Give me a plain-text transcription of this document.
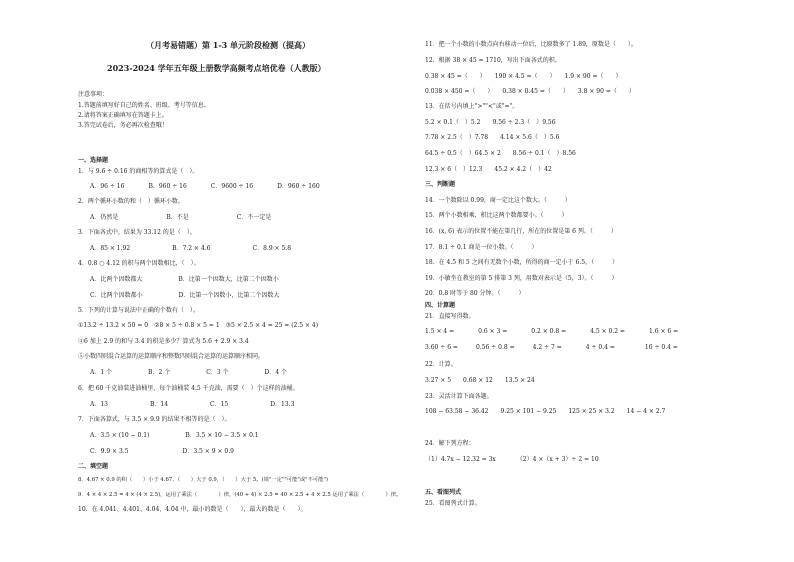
（月考易错题）第 1-3 单元阶段检测（提高）
2023-2024 学年五年级上册数学高频考点培优卷（人教版）
注意事项：
1.答题前填写好自己的姓名、班级、考号等信息。
2.请将答案正确填写在答题卡上。
3.答完试卷后，务必再次检查哦！
一、选择题
1．与 9.6 ÷ 0.16 的商相等的算式是（　）。
A．96 ÷ 16　　　　B．960 ÷ 16　　　　C．9600 ÷ 16　　　　D．960 ÷ 160
2．两个循环小数的和（　）循环小数。
A．仍然是　　　　　　　　B．不是　　　　　　　　C．不一定是
3．下面各式中，结果为 33.12 的是（　）。
A．85 × 1.92　　　　　　　B．7.2 × 4.6　　　　　　　C．8.9 × 5.8
4．0.8 ○ 4.12 的积与两个因数相比，（　）。
A．比两个因数都大　　　　　　B．比第一个因数大，比第二个因数小
C．比两个因数都小　　　　　　D．比第一个因数小，比第二个因数大
5．下列的计算与说法中正确的个数有（　）。
①13.2 ÷ 13.2 × 50 = 0　②8 × 5 ÷ 0.8 × 5 = 1　③5 × 2.5 × 4 = 25 = (2.5 × 4)
④6 加上 2.9 的和与 3.4 的积是多少？算式为 5.6 + 2.9 × 3.4
⑤小数四则混合运算的运算顺序和整数四则混合运算的运算顺序相同。
A．1 个　　　　　　B．2 个　　　　　　C．3 个　　　　　　D．4 个
6．把 60 千克油装进油桶里，每个油桶装 4.5 千克油，需要（　）个这样的油桶。
A．13　　　　　　　B．14　　　　　　　C．15　　　　　　　D．13.3
7．下面各算式，与 3.5 × 9.9 的结果不相等的是（　）。
A．3.5 × (10 − 0.1)　　　　　　B．3.5 × 10 − 3.5 × 0.1
C．9.9 × 3.5　　　　　　　　　D．3.5 × 9 × 0.9
二、填空题
8．4.67 × 0.9 的积（　　）小于 4.67，（　　）大于 0.9，（　　）大于 5。(填"一定""可能"或"不可能")
9．4 × 4 × 2.5 = 4 × (4 × 2.5)，运用了乘法（　　　　）律，(40 + 4) × 2.5 = 40 × 2.5 + 4 × 2.5 运用了乘法（　　　　）律。
10．在 4.041、4.401、4.0̇4̇、4.0̇4 中，最小的数是（　　），最大的数是（　　）。
11．把一个小数的小数点向右移动一位后，比原数多了 1.89，原数是（　　）。
12．根据 38 × 45 = 1710，写出下面各式的积。
0.38 × 45 =（　　）　　190 × 4.5 =（　　）　　1.9 × 90 =（　　）
0.038 × 450 =（　　）　　0.38 × 0.45 =（　　）　　3.8 × 90 =（　　）
13．在括号内填上">""<"或"="。
5.2 × 0.1（　）5.2　　9.56 ÷ 2.3（　）9.56
7.78 × 2.5（　）7.78　　4.14 × 5.6（　）5.6
64.5 ÷ 0.5（　）64.5 × 2　　8.56 ÷ 0.1（　）8.56
12.3 × 6（　）12.3　　45.2 × 4.2（　）42
三、判断题
14．一个数除以 0.99，商一定比这个数大。（　　　）
15．两个小数相乘，积比这两个数都要小。（　　　）
16．(x, 6) 表示的位置不能在第几行，所在的位置是第 6 列。（　　　）
17．8.1 ÷ 0.1 商是一位小数。（　　　）
18．在 4.5 和 5 之间有无数个小数，所得的商一定小于 6.5。（　　　）
19．小敏坐在教室的第 5 排第 3 列，用数对表示是（5，3）。（　　　）
20．0.8 时等于 80 分钟。（　　　）
四、计算题
21．直接写得数。
1.5 × 4 =　　　　0.6 × 3 =　　　　0.2 × 0.8 =　　　　4.5 × 0.2 =　　　　1.6 × 6 =
3.60 ÷ 6 =　　　0.56 ÷ 0.8 =　　　4.2 ÷ 7 =　　　　4 ÷ 0.4 =　　　　　16 ÷ 0.4 =
22．计算。
3.27 × 5　　0.68 × 12　　13.5 × 24
23．灵活计算下面各题。
108 − 63.58 − 36.42　　9.25 × 101 − 9.25　　125 × 25 × 3.2　　14 − 4 × 2.7
24．解下列方程：
（1）4.7x − 12.32 = 3x　　　　（2）4 ×（x + 3）÷ 2 = 10
五、看图列式
25．看图列式计算。
